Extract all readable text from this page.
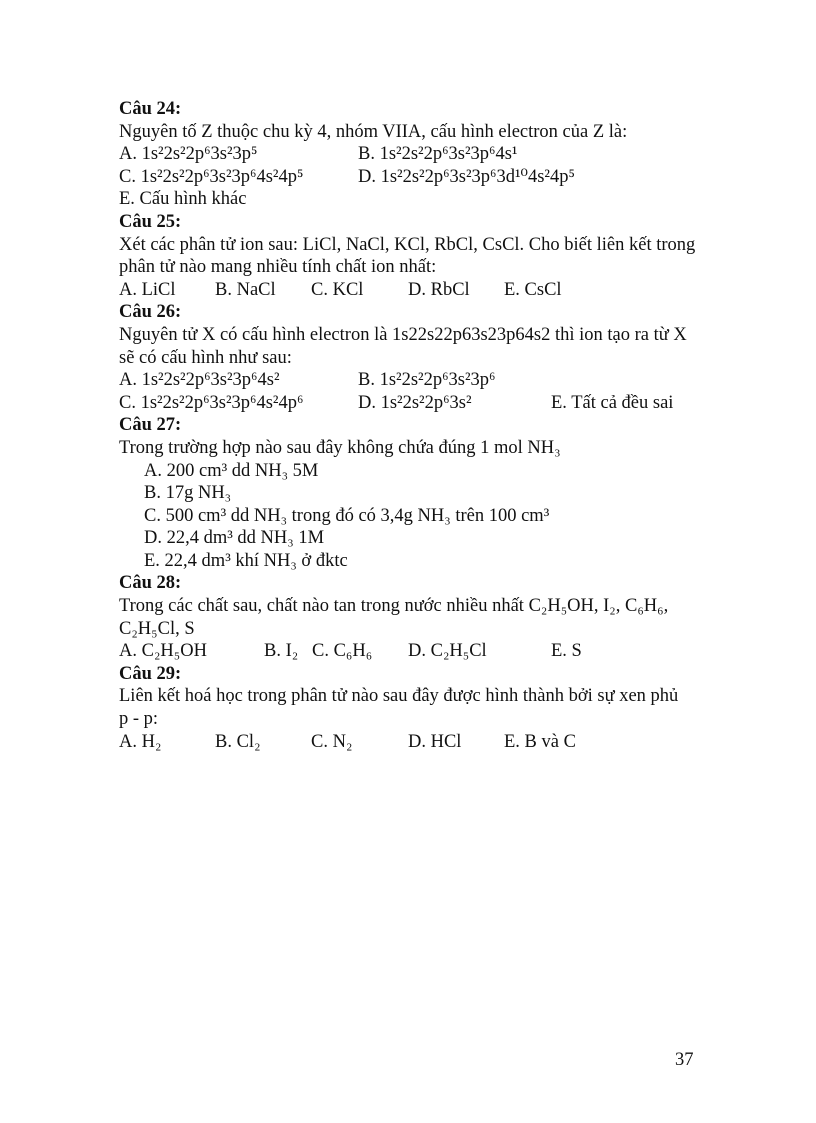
Câu 24:
Nguyên tố Z thuộc chu kỳ 4, nhóm VIIA, cấu hình electron của Z là:
A. 1s²2s²2p⁶3s²3p⁵	B. 1s²2s²2p⁶3s²3p⁶4s¹
C. 1s²2s²2p⁶3s²3p⁶4s²4p⁵	D. 1s²2s²2p⁶3s²3p⁶3d¹⁰4s²4p⁵
E. Cấu hình khác
Câu 25:
Xét các phân tử ion sau: LiCl, NaCl, KCl, RbCl, CsCl. Cho biết liên kết trong
phân tử nào mang nhiều tính chất ion nhất:
A. LiCl B. NaCl C. KCl D. RbCl E. CsCl
Câu 26:
Nguyên tử X có cấu hình electron là 1s22s22p63s23p64s2 thì ion tạo ra từ X
sẽ có cấu hình như sau:
A. 1s²2s²2p⁶3s²3p⁶4s²	B. 1s²2s²2p⁶3s²3p⁶
C. 1s²2s²2p⁶3s²3p⁶4s²4p⁶	D. 1s²2s²2p⁶3s²	E. Tất cả đều sai
Câu 27:
Trong trường hợp nào sau đây không chứa đúng 1 mol NH₃
A. 200 cm³ dd NH₃ 5M
B. 17g NH₃
C. 500 cm³ dd NH₃ trong đó có 3,4g NH₃ trên 100 cm³
D. 22,4 dm³ dd NH₃ 1M
E. 22,4 dm³ khí NH₃ ở đktc
Câu 28:
Trong các chất sau, chất nào tan trong nước nhiều nhất C₂H₅OH, I₂, C₆H₆,
C₂H₅Cl, S
A. C₂H₅OH	B. I₂ C. C₆H₆ D. C₂H₅Cl	E. S
Câu 29:
Liên kết hoá học trong phân tử nào sau đây được hình thành bởi sự xen phủ
p - p:
A. H₂	B. Cl₂	C. N₂	D. HCl E. B và C
37
